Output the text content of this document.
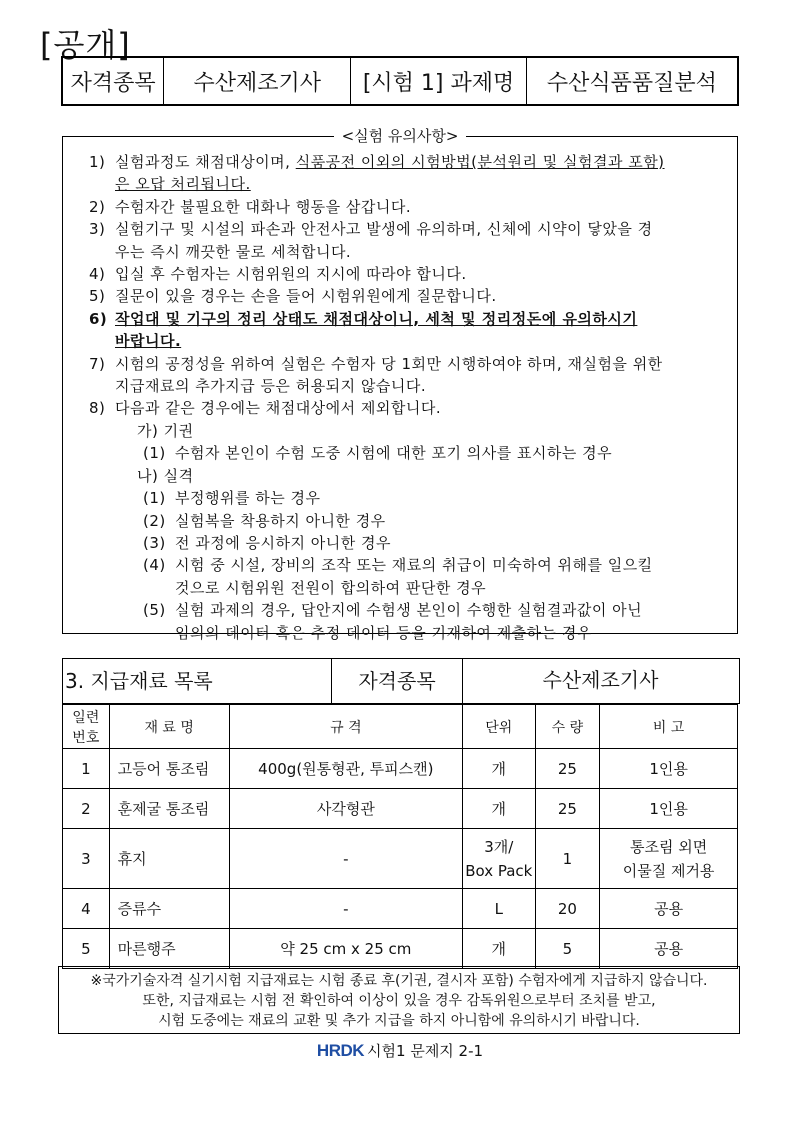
[공개]
자격종목	수산제조기사	[시험 1] 과제명	수산식품품질분석
<실험 유의사항>
1) 실험과정도 채점대상이며, 식품공전 이외의 시험방법(분석원리 및 실험결과 포함)
은 오답 처리됩니다.
2) 수험자간 불필요한 대화나 행동을 삼갑니다.
3) 실험기구 및 시설의 파손과 안전사고 발생에 유의하며, 신체에 시약이 닿았을 경
우는 즉시 깨끗한 물로 세척합니다.
4) 입실 후 수험자는 시험위원의 지시에 따라야 합니다.
5) 질문이 있을 경우는 손을 들어 시험위원에게 질문합니다.
6) 작업대 및 기구의 정리 상태도 채점대상이니, 세척 및 정리정돈에 유의하시기
바랍니다.
7) 시험의 공정성을 위하여 실험은 수험자 당 1회만 시행하여야 하며, 재실험을 위한
지급재료의 추가지급 등은 허용되지 않습니다.
8) 다음과 같은 경우에는 채점대상에서 제외합니다.
가) 기권
(1) 수험자 본인이 수험 도중 시험에 대한 포기 의사를 표시하는 경우
나) 실격
(1) 부정행위를 하는 경우
(2) 실험복을 착용하지 아니한 경우
(3) 전 과정에 응시하지 아니한 경우
(4) 시험 중 시설, 장비의 조작 또는 재료의 취급이 미숙하여 위해를 일으킬
것으로 시험위원 전원이 합의하여 판단한 경우
(5) 실험 과제의 경우, 답안지에 수험생 본인이 수행한 실험결과값이 아닌
임의의 데이터 혹은 추정 데이터 등을 기재하여 제출하는 경우
3. 지급재료 목록	자격종목	수산제조기사
일련
번호	재 료 명	규 격	단위	수 량	비 고
1	고등어 통조림	400g(원통형관, 투피스캔)	개	25	1인용
2	훈제굴 통조림	사각형관	개	25	1인용
3	휴지	-	3개/
Box Pack	1	통조림 외면
이물질 제거용
4	증류수	-	L	20	공용
5	마른행주	약 25 cm x 25 cm	개	5	공용
※국가기술자격 실기시험 지급재료는 시험 종료 후(기권, 결시자 포함) 수험자에게 지급하지 않습니다.
또한, 지급재료는 시험 전 확인하여 이상이 있을 경우 감독위원으로부터 조치를 받고,
시험 도중에는 재료의 교환 및 추가 지급을 하지 아니함에 유의하시기 바랍니다.
HRDK 시험1 문제지 2-1
